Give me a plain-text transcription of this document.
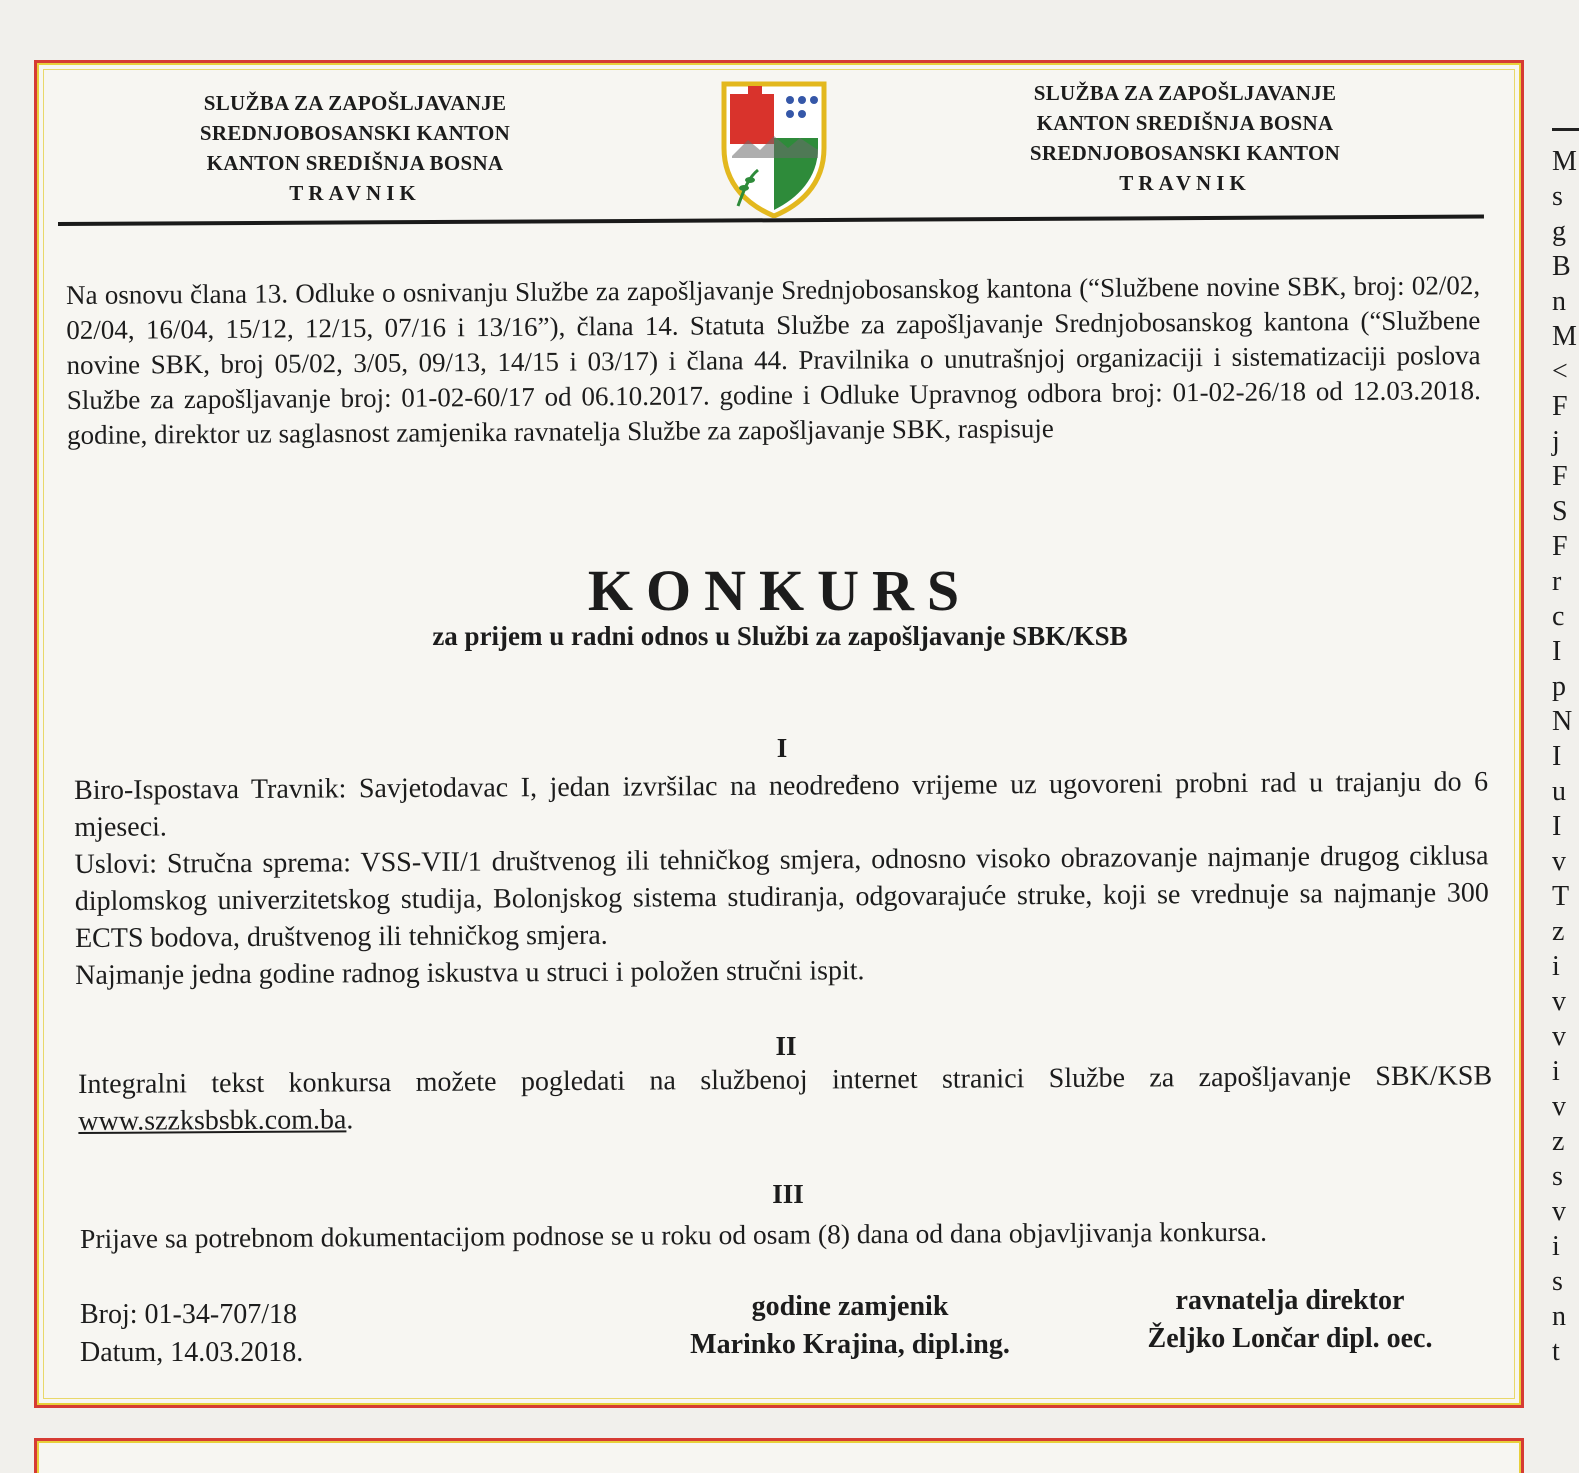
M
s
g
B
n
M
<
F
j
F
S
F
r
c
I
p
N
I
u
I
v
T
z
i
v
v
i
v
z
s
v
i
s
n
t
SLUŽBA ZA ZAPOŠLJAVANJE
SREDNJOBOSANSKI KANTON
KANTON SREDIŠNJA BOSNA
TRAVNIK
SLUŽBA ZA ZAPOŠLJAVANJE
KANTON SREDIŠNJA BOSNA
SREDNJOBOSANSKI KANTON
TRAVNIK
Na osnovu člana 13. Odluke o osnivanju Službe za zapošljavanje Srednjobosanskog kantona (“Službene novine SBK, broj: 02/02, 02/04, 16/04, 15/12, 12/15, 07/16 i 13/16”), člana 14. Statuta Službe za zapošljavanje Srednjobosanskog kantona (“Službene novine SBK, broj 05/02, 3/05, 09/13, 14/15 i 03/17) i člana 44. Pravilnika o unutrašnjoj organizaciji i sistematizaciji poslova Službe za zapošljavanje broj: 01-02-60/17 od 06.10.2017. godine i Odluke Upravnog odbora broj: 01-02-26/18 od 12.03.2018. godine, direktor uz saglasnost zamjenika ravnatelja Službe za zapošljavanje SBK, raspisuje
KONKURS
za prijem u radni odnos u Službi za zapošljavanje SBK/KSB
I

Biro-Ispostava Travnik: Savjetodavac I, jedan izvršilac na neodređeno vrijeme uz ugovoreni probni rad u trajanju do 6 mjeseci.

Uslovi: Stručna sprema: VSS-VII/1 društvenog ili tehničkog smjera, odnosno visoko obrazovanje najmanje drugog ciklusa diplomskog univerzitetskog studija, Bolonjskog sistema studiranja, odgovarajuće struke, koji se vrednuje sa najmanje 300 ECTS bodova, društvenog ili tehničkog smjera.

Najmanje jedna godine radnog iskustva u struci i položen stručni ispit.

II

Integralni tekst konkursa možete pogledati na službenoj internet stranici Službe za zapošljavanje SBK/KSB www.szzksbsbk.com.ba.

III
Prijave sa potrebnom dokumentacijom podnose se u roku od osam (8) dana od dana objavljivanja konkursa.
Broj: 01-34-707/18
Datum, 14.03.2018.
godine zamjenik
Marinko Krajina, dipl.ing.
ravnatelja direktor
Željko Lončar dipl. oec.
